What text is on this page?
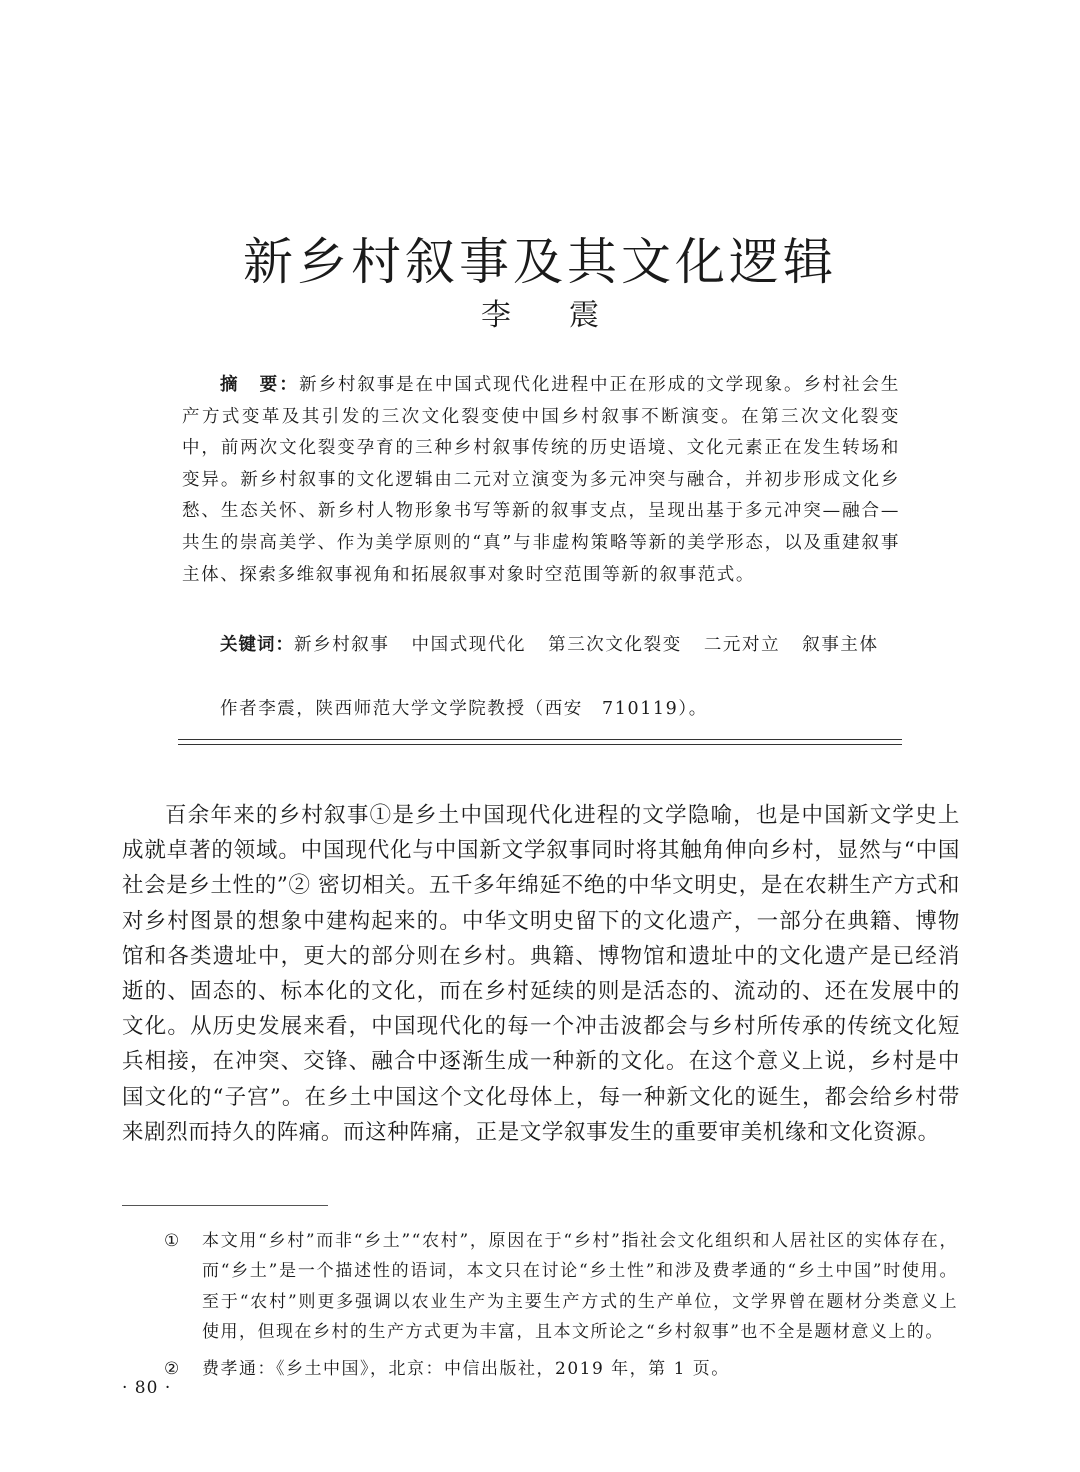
新乡村叙事及其文化逻辑
李 震
摘　要：新乡村叙事是在中国式现代化进程中正在形成的文学现象。乡村社会生产方式变革及其引发的三次文化裂变使中国乡村叙事不断演变。在第三次文化裂变中，前两次文化裂变孕育的三种乡村叙事传统的历史语境、文化元素正在发生转场和变异。新乡村叙事的文化逻辑由二元对立演变为多元冲突与融合，并初步形成文化乡愁、生态关怀、新乡村人物形象书写等新的叙事支点，呈现出基于多元冲突—融合—共生的崇高美学、作为美学原则的“真”与非虚构策略等新的美学形态，以及重建叙事主体、探索多维叙事视角和拓展叙事对象时空范围等新的叙事范式。
关键词：新乡村叙事 中国式现代化 第三次文化裂变 二元对立 叙事主体
作者李震，陕西师范大学文学院教授（西安　710119）。

百余年来的乡村叙事①是乡土中国现代化进程的文学隐喻，也是中国新文学史上成就卓著的领域。中国现代化与中国新文学叙事同时将其触角伸向乡村，显然与“中国社会是乡土性的”② 密切相关。五千多年绵延不绝的中华文明史，是在农耕生产方式和对乡村图景的想象中建构起来的。中华文明史留下的文化遗产，一部分在典籍、博物馆和各类遗址中，更大的部分则在乡村。典籍、博物馆和遗址中的文化遗产是已经消逝的、固态的、标本化的文化，而在乡村延续的则是活态的、流动的、还在发展中的文化。从历史发展来看，中国现代化的每一个冲击波都会与乡村所传承的传统文化短兵相接，在冲突、交锋、融合中逐渐生成一种新的文化。在这个意义上说，乡村是中国文化的“子宫”。在乡土中国这个文化母体上，每一种新文化的诞生，都会给乡村带来剧烈而持久的阵痛。而这种阵痛，正是文学叙事发生的重要审美机缘和文化资源。

①	本文用“乡村”而非“乡土”“农村”，原因在于“乡村”指社会文化组织和人居社区的实体存在，而“乡土”是一个描述性的语词，本文只在讨论“乡土性”和涉及费孝通的“乡土中国”时使用。至于“农村”则更多强调以农业生产为主要生产方式的生产单位，文学界曾在题材分类意义上使用，但现在乡村的生产方式更为丰富，且本文所论之“乡村叙事”也不全是题材意义上的。
②	费孝通：《乡土中国》，北京：中信出版社，2019 年，第 1 页。
· 80 ·
